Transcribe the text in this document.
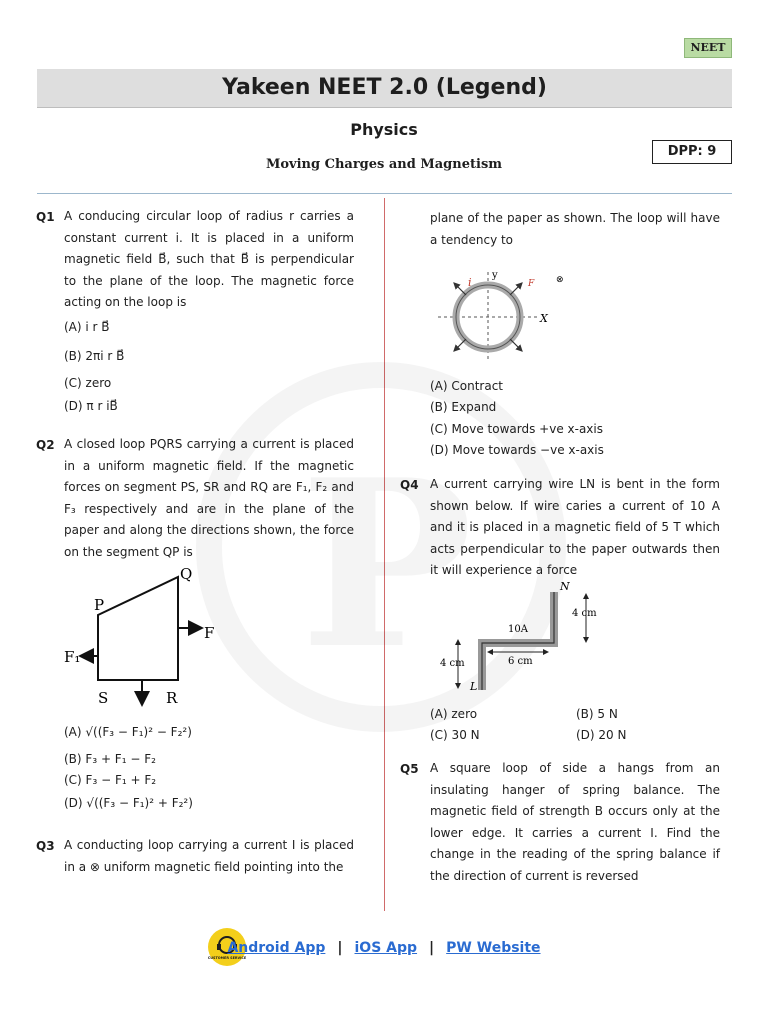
NEET
Yakeen NEET 2.0 (Legend)
Physics
Moving Charges and Magnetism
DPP: 9
Q1 A conducing circular loop of radius r carries a constant current i. It is placed in a uniform magnetic field B⃗, such that B⃗ is perpendicular to the plane of the loop. The magnetic force acting on the loop is
(A) i r B⃗
(B) 2πi r B⃗
(C) zero
(D) π r iB⃗
Q2 A closed loop PQRS carrying a current is placed in a uniform magnetic field. If the magnetic forces on segment PS, SR and RQ are F₁, F₂ and F₃ respectively and are in the plane of the paper and along the directions shown, the force on the segment QP is
P
Q
R
S
F₁
F
(A) √((F₃ − F₁)² − F₂²)
(B) F₃ + F₁ − F₂
(C) F₃ − F₁ + F₂
(D) √((F₃ − F₁)² + F₂²)
Q3 A conducting loop carrying a current I is placed in a ⊗ uniform magnetic field pointing into the
plane of the paper as shown. The loop will have a tendency to
i
y
X
F ⊗
(A) Contract
(B) Expand
(C) Move towards +ve x-axis
(D) Move towards −ve x-axis
Q4 A current carrying wire LN is bent in the form shown below. If wire caries a current of 10 A and it is placed in a magnetic field of 5 T which acts perpendicular to the paper outwards then it will experience a force
N
L
4 cm
4 cm	6 cm
10A
(A) zero	(B) 5 N
(C) 30 N	(D) 20 N
Q5 A square loop of side a hangs from an insulating hanger of spring balance. The magnetic field of strength B occurs only at the lower edge. It carries a current I. Find the change in the reading of the spring balance if the direction of current is reversed
CUSTOMER SERVICE
Android App | iOS App | PW Website
